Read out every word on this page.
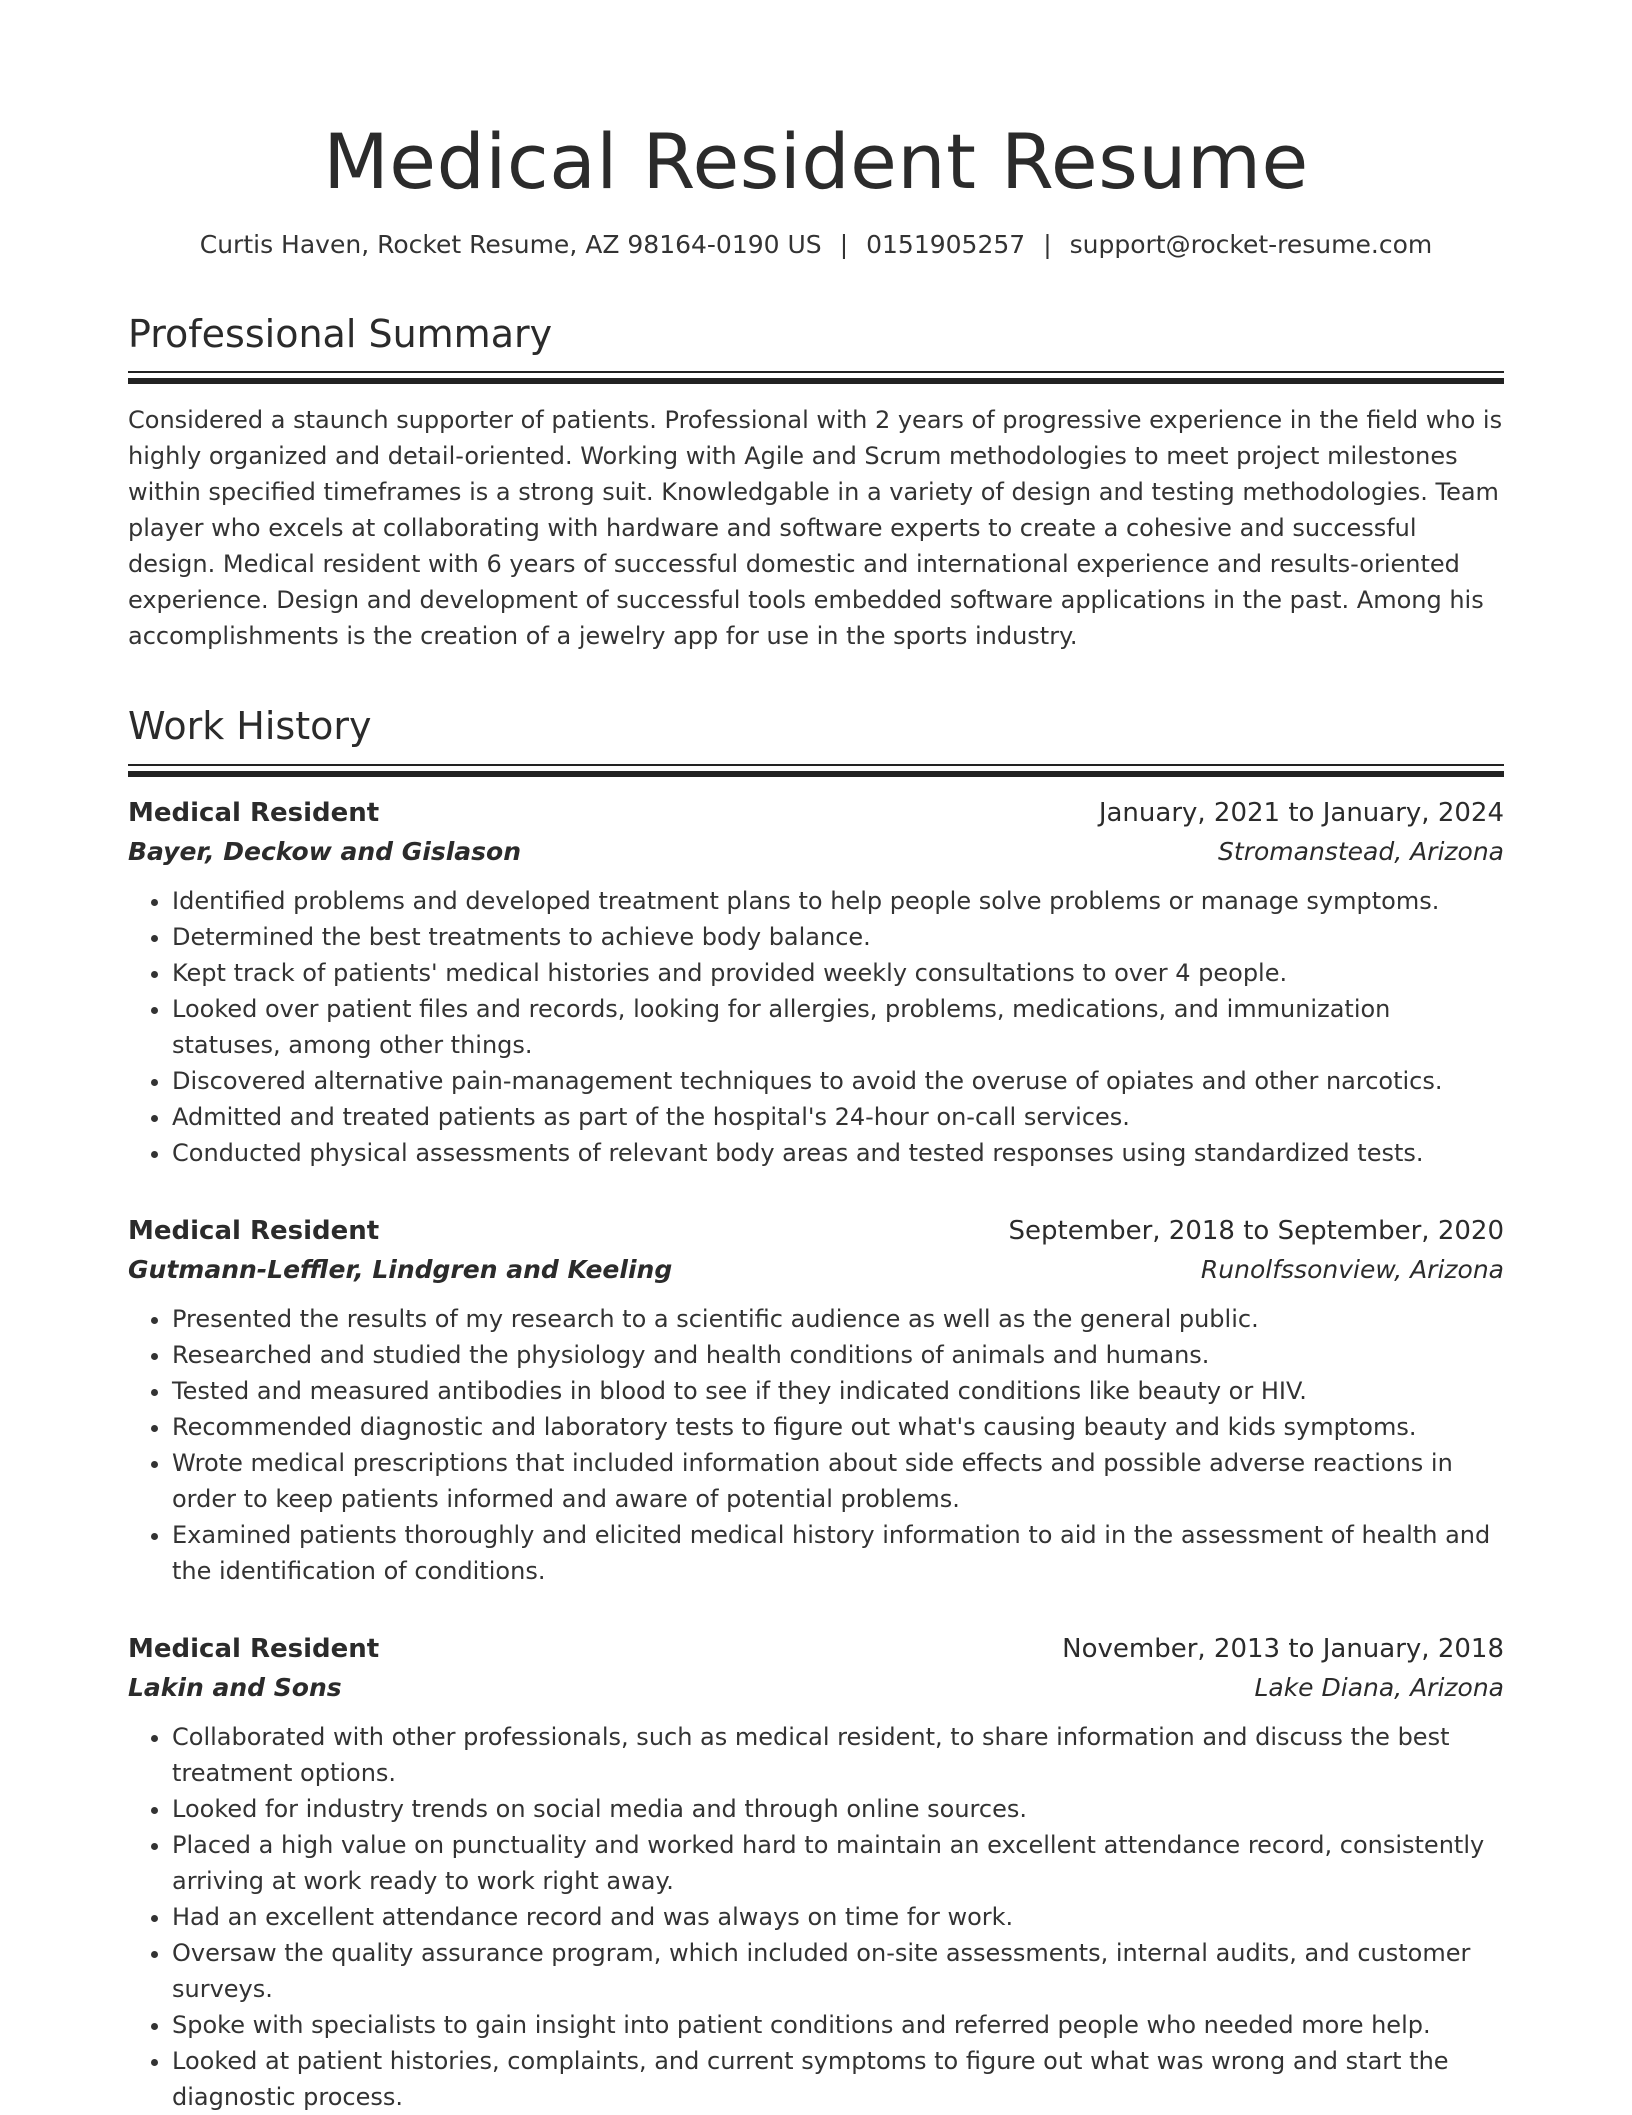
Medical Resident Resume
Curtis Haven, Rocket Resume, AZ 98164-0190 US | 0151905257 | support@rocket-resume.com
Professional Summary

Considered a staunch supporter of patients. Professional with 2 years of progressive experience in the field who is highly organized and detail-oriented. Working with Agile and Scrum methodologies to meet project milestones within specified timeframes is a strong suit. Knowledgable in a variety of design and testing methodologies. Team player who excels at collaborating with hardware and software experts to create a cohesive and successful design. Medical resident with 6 years of successful domestic and international experience and results-oriented experience. Design and development of successful tools embedded software applications in the past. Among his accomplishments is the creation of a jewelry app for use in the sports industry.

Work History
Medical Resident	January, 2021 to January, 2024
Bayer, Deckow and Gislason	Stromanstead, Arizona
• Identified problems and developed treatment plans to help people solve problems or manage symptoms.
• Determined the best treatments to achieve body balance.
• Kept track of patients' medical histories and provided weekly consultations to over 4 people.
• Looked over patient files and records, looking for allergies, problems, medications, and immunization statuses, among other things.
• Discovered alternative pain-management techniques to avoid the overuse of opiates and other narcotics.
• Admitted and treated patients as part of the hospital's 24-hour on-call services.
• Conducted physical assessments of relevant body areas and tested responses using standardized tests.
Medical Resident	September, 2018 to September, 2020
Gutmann-Leffler, Lindgren and Keeling	Runolfssonview, Arizona
• Presented the results of my research to a scientific audience as well as the general public.
• Researched and studied the physiology and health conditions of animals and humans.
• Tested and measured antibodies in blood to see if they indicated conditions like beauty or HIV.
• Recommended diagnostic and laboratory tests to figure out what's causing beauty and kids symptoms.
• Wrote medical prescriptions that included information about side effects and possible adverse reactions in order to keep patients informed and aware of potential problems.
• Examined patients thoroughly and elicited medical history information to aid in the assessment of health and the identification of conditions.
Medical Resident	November, 2013 to January, 2018
Lakin and Sons	Lake Diana, Arizona
• Collaborated with other professionals, such as medical resident, to share information and discuss the best treatment options.
• Looked for industry trends on social media and through online sources.
• Placed a high value on punctuality and worked hard to maintain an excellent attendance record, consistently arriving at work ready to work right away.
• Had an excellent attendance record and was always on time for work.
• Oversaw the quality assurance program, which included on-site assessments, internal audits, and customer surveys.
• Spoke with specialists to gain insight into patient conditions and referred people who needed more help.
• Looked at patient histories, complaints, and current symptoms to figure out what was wrong and start the diagnostic process.
